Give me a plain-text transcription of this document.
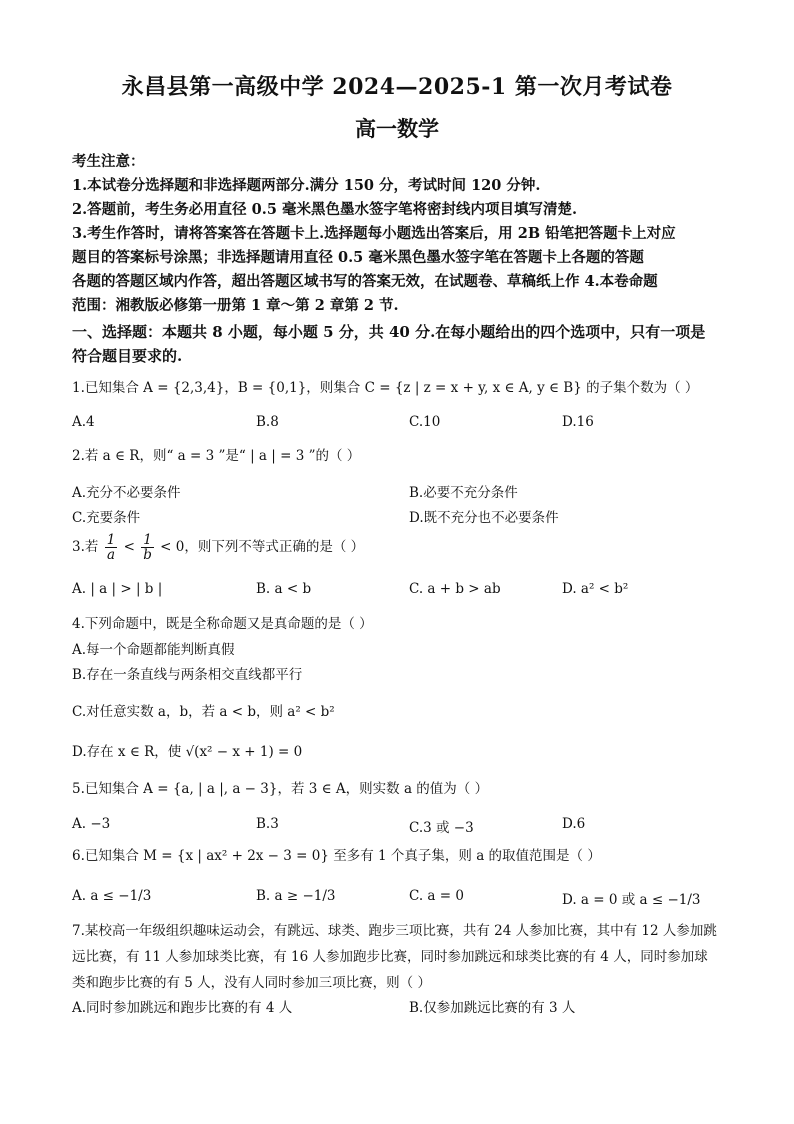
永昌县第一高级中学 2024—2025-1 第一次月考试卷
高一数学
考生注意：
1.本试卷分选择题和非选择题两部分.满分 150 分，考试时间 120 分钟.
2.答题前，考生务必用直径 0.5 毫米黑色墨水签字笔将密封线内项目填写清楚.
3.考生作答时，请将答案答在答题卡上.选择题每小题选出答案后，用 2B 铅笔把答题卡上对应
题目的答案标号涂黑；非选择题请用直径 0.5 毫米黑色墨水签字笔在答题卡上各题的答题
各题的答题区域内作答，超出答题区域书写的答案无效，在试题卷、草稿纸上作 4.本卷命题
范围：湘教版必修第一册第 1 章～第 2 章第 2 节.
一、选择题：本题共 8 小题，每小题 5 分，共 40 分.在每小题给出的四个选项中，只有一项是
符合题目要求的.
1.已知集合 A = {2,3,4}，B = {0,1}，则集合 C = {z | z = x + y, x ∈ A, y ∈ B} 的子集个数为（ ）
A.4	B.8	C.10	D.16
2.若 a ∈ R，则“ a = 3 ”是“ | a | = 3 ”的（ ）
A.充分不必要条件	B.必要不充分条件
C.充要条件	D.既不充分也不必要条件
3.若 $\frac{1}{a} < \frac{1}{b} < 0$，则下列不等式正确的是（ ）
A. | a | > | b |	B. a < b	C. a + b > ab	D. a² < b²
4.下列命题中，既是全称命题又是真命题的是（ ）
A.每一个命题都能判断真假
B.存在一条直线与两条相交直线都平行
C.对任意实数 a，b，若 a < b，则 a² < b²
D.存在 x ∈ R，使 √(x² − x + 1) = 0
5.已知集合 A = {a, | a |, a − 3}，若 3 ∈ A，则实数 a 的值为（ ）
A. −3	B.3	C.3 或 −3	D.6
6.已知集合 M = {x | ax² + 2x − 3 = 0} 至多有 1 个真子集，则 a 的取值范围是（ ）
A. a ≤ −1/3	B. a ≥ −1/3	C. a = 0	D. a = 0 或 a ≤ −1/3
7.某校高一年级组织趣味运动会，有跳远、球类、跑步三项比赛，共有 24 人参加比赛，其中有 12 人参加跳
远比赛，有 11 人参加球类比赛，有 16 人参加跑步比赛，同时参加跳远和球类比赛的有 4 人，同时参加球
类和跑步比赛的有 5 人，没有人同时参加三项比赛，则（ ）
A.同时参加跳远和跑步比赛的有 4 人	B.仅参加跳远比赛的有 3 人
